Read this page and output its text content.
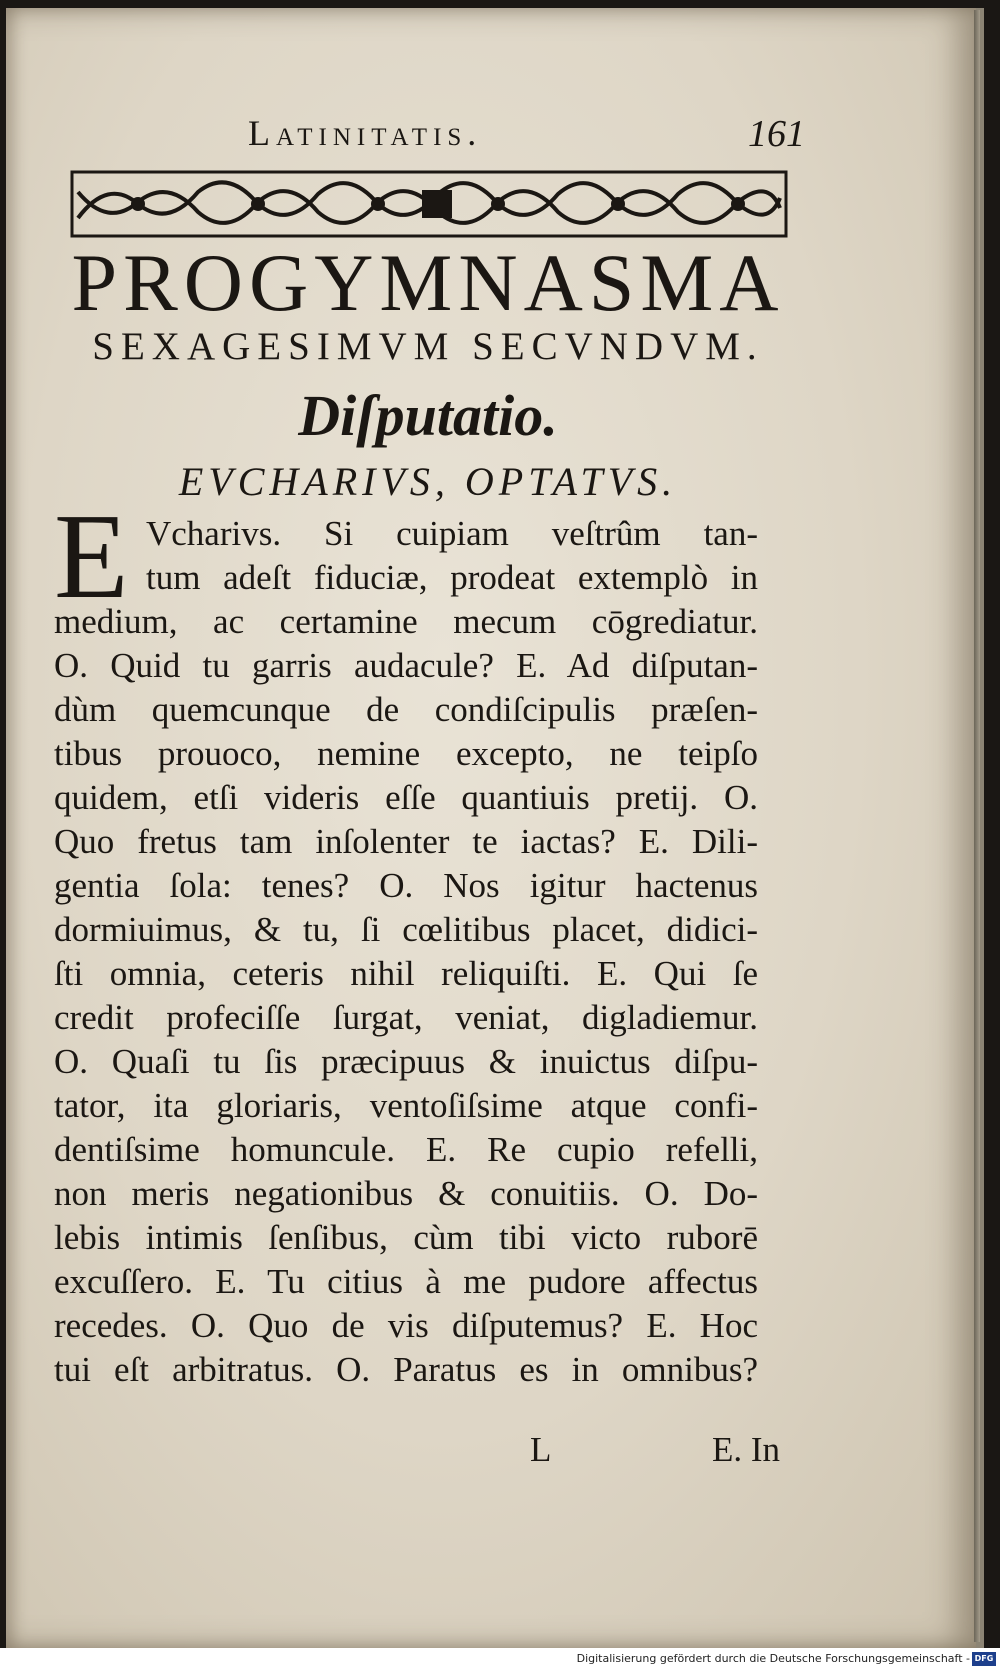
Latinitatis.	161
PROGYMNASMA
SEXAGESIMVM SECVNDVM.
Diſputatio.
EVCHARIVS, OPTATVS.
E Vcharivs. Si cuipiam veſtrûm tan-
tum adeſt fiduciæ, prodeat extemplò in
medium, ac certamine mecum cōgrediatur.
O. Quid tu garris audacule? E. Ad diſputan-
dùm quemcunque de condiſcipulis præſen-
tibus prouoco, nemine excepto, ne teipſo
quidem, etſi videris eſſe quantiuis pretij. O.
Quo fretus tam inſolenter te iactas? E. Dili-
gentia ſola: tenes? O. Nos igitur hactenus
dormiuimus, & tu, ſi cœlitibus placet, didici-
ſti omnia, ceteris nihil reliquiſti. E. Qui ſe
credit profeciſſe ſurgat, veniat, digladiemur.
O. Quaſi tu ſis præcipuus & inuictus diſpu-
tator, ita gloriaris, ventoſiſsime atque confi-
dentiſsime homuncule. E. Re cupio refelli,
non meris negationibus & conuitiis. O. Do-
lebis intimis ſenſibus, cùm tibi victo ruborē
excuſſero. E. Tu citius à me pudore affectus
recedes. O. Quo de vis diſputemus? E. Hoc
tui eſt arbitratus. O. Paratus es in omnibus?
L	E. In
Digitalisierung gefördert durch die Deutsche Forschungsgemeinschaft - DFG
